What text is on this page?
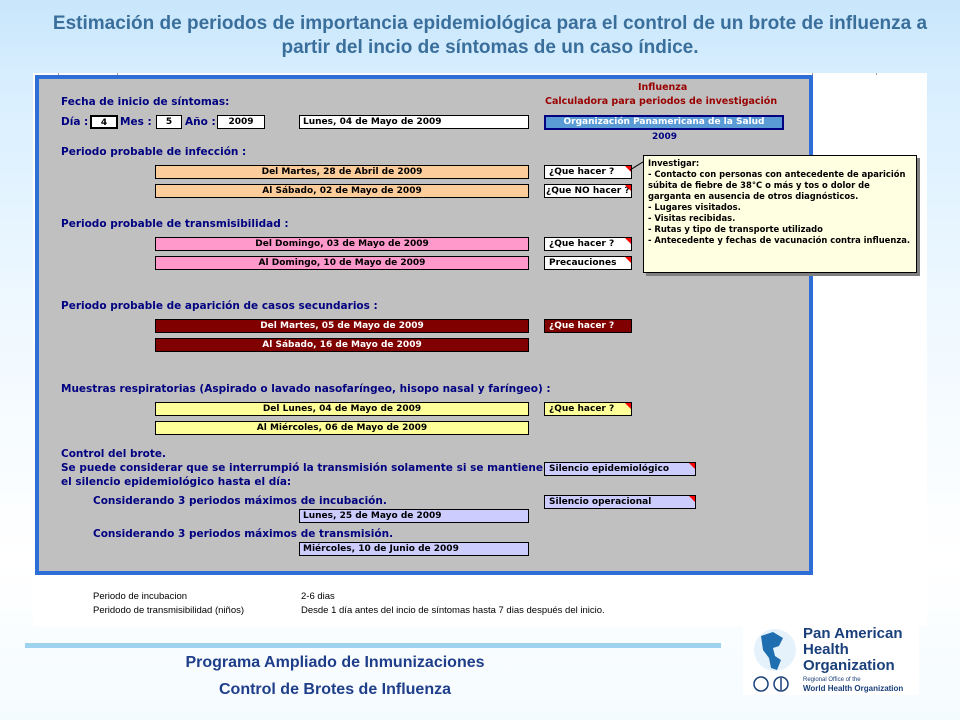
Estimación de periodos de importancia epidemiológica para el control de un brote de influenza a partir del incio de síntomas de un caso índice.
Influenza
Calculadora para periodos de investigación
Organización Panamericana de la Salud
2009
Fecha de inicio de síntomas:
Día :	4	Mes :	5	Año :	2009	Lunes, 04 de Mayo de 2009
Periodo probable de infección :
Del Martes, 28 de Abril de 2009
Al Sábado, 02 de Mayo de 2009
¿Que hacer ?
¿Que NO hacer ?
Periodo probable de transmisibilidad :
Del Domingo, 03 de Mayo de 2009
Al Domingo, 10 de Mayo de 2009
¿Que hacer ?
Precauciones
Periodo probable de aparición de casos secundarios :
Del Martes, 05 de Mayo de 2009
Al Sábado, 16 de Mayo de 2009
¿Que hacer ?
Muestras respiratorias (Aspirado o lavado nasofaríngeo, hisopo nasal y faríngeo) :
Del Lunes, 04 de Mayo de 2009
Al Miércoles, 06 de Mayo de 2009
¿Que hacer ?
Control del brote.
Se puede considerar que se interrumpió la transmisión solamente si se mantiene
el silencio epidemiológico hasta el día:
Silencio epidemiológico
Considerando 3 periodos máximos de incubación.	Silencio operacional
Lunes, 25 de Mayo de 2009
Considerando 3 periodos máximos de transmisión.
Miércoles, 10 de Junio de 2009
Investigar:
- Contacto con personas con antecedente de aparición súbita de fiebre de 38°C o más y tos o dolor de garganta en ausencia de otros diagnósticos.
- Lugares visitados.
- Visitas recibidas.
- Rutas y tipo de transporte utilizado
- Antecedente y fechas de vacunación contra influenza.
Periodo de incubacion	2-6 dias
Peridodo de transmisibilidad (niños)	Desde 1 día antes del incio de síntomas hasta 7 dias después del inicio.
Programa Ampliado de Inmunizaciones
Control de Brotes de Influenza
Pan American
Health
Organization
Regional Office of the
World Health Organization
